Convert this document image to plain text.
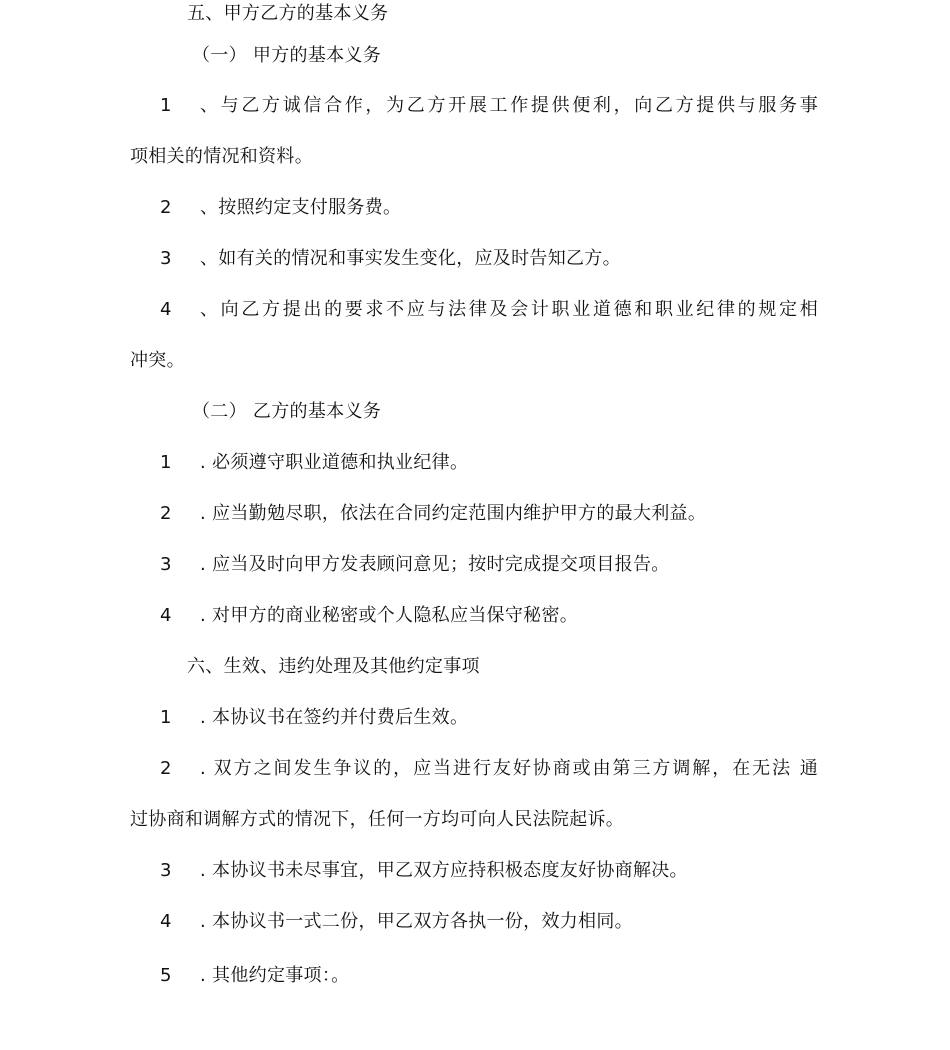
五、甲方乙方的基本义务
（一） 甲方的基本义务
1 、与乙方诚信合作，为乙方开展工作提供便利，向乙方提供与服务事
项相关的情况和资料。
2 、按照约定支付服务费。
3 、如有关的情况和事实发生变化，应及时告知乙方。
4 、向乙方提出的要求不应与法律及会计职业道德和职业纪律的规定相
冲突。
（二） 乙方的基本义务
1 . 必须遵守职业道德和执业纪律。
2 . 应当勤勉尽职，依法在合同约定范围内维护甲方的最大利益。
3 . 应当及时向甲方发表顾问意见；按时完成提交项目报告。
4 . 对甲方的商业秘密或个人隐私应当保守秘密。
六、生效、违约处理及其他约定事项
1 . 本协议书在签约并付费后生效。
2 . 双方之间发生争议的，应当进行友好协商或由第三方调解，在无法 通
过协商和调解方式的情况下，任何一方均可向人民法院起诉。
3 . 本协议书未尽事宜，甲乙双方应持积极态度友好协商解决。
4 . 本协议书一式二份，甲乙双方各执一份，效力相同。
5 . 其他约定事项：。
